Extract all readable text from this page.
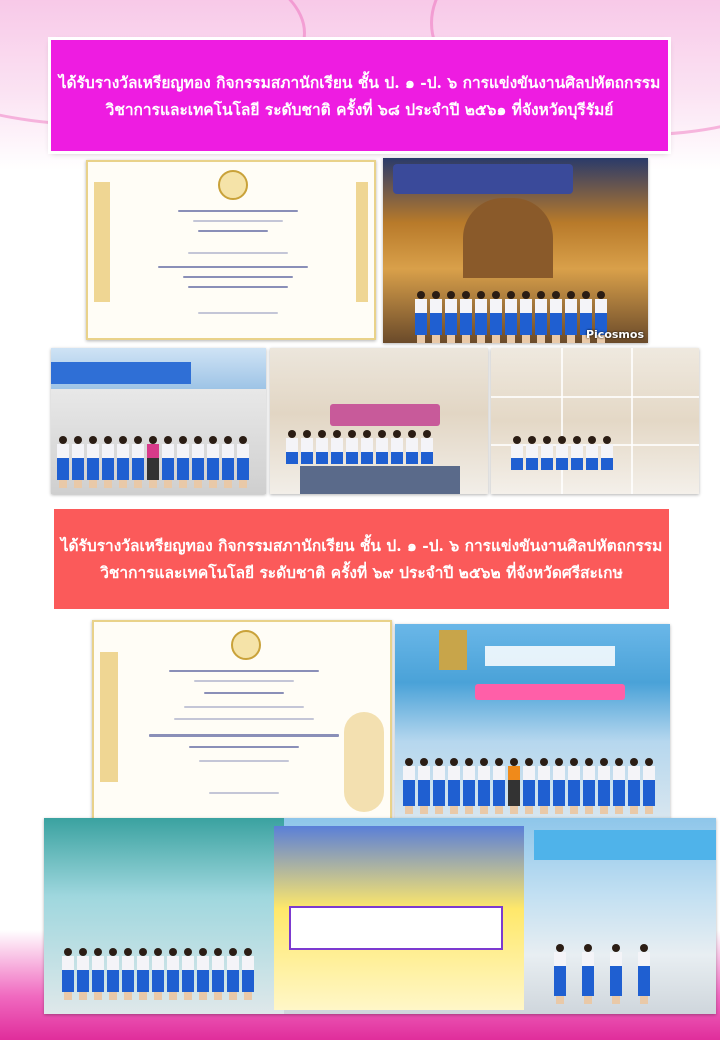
ได้รับรางวัลเหรียญทอง กิจกรรมสภานักเรียน ชั้น ป. ๑ -ป. ๖ การแข่งขันงานศิลปหัตถกรรม
วิชาการและเทคโนโลยี ระดับชาติ ครั้งที่ ๖๘ ประจำปี ๒๕๖๑ ที่จังหวัดบุรีรัมย์
Picosmos
ได้รับรางวัลเหรียญทอง กิจกรรมสภานักเรียน ชั้น ป. ๑ -ป. ๖ การแข่งขันงานศิลปหัตถกรรม
วิชาการและเทคโนโลยี ระดับชาติ ครั้งที่ ๖๙ ประจำปี ๒๕๖๒ ที่จังหวัดศรีสะเกษ
